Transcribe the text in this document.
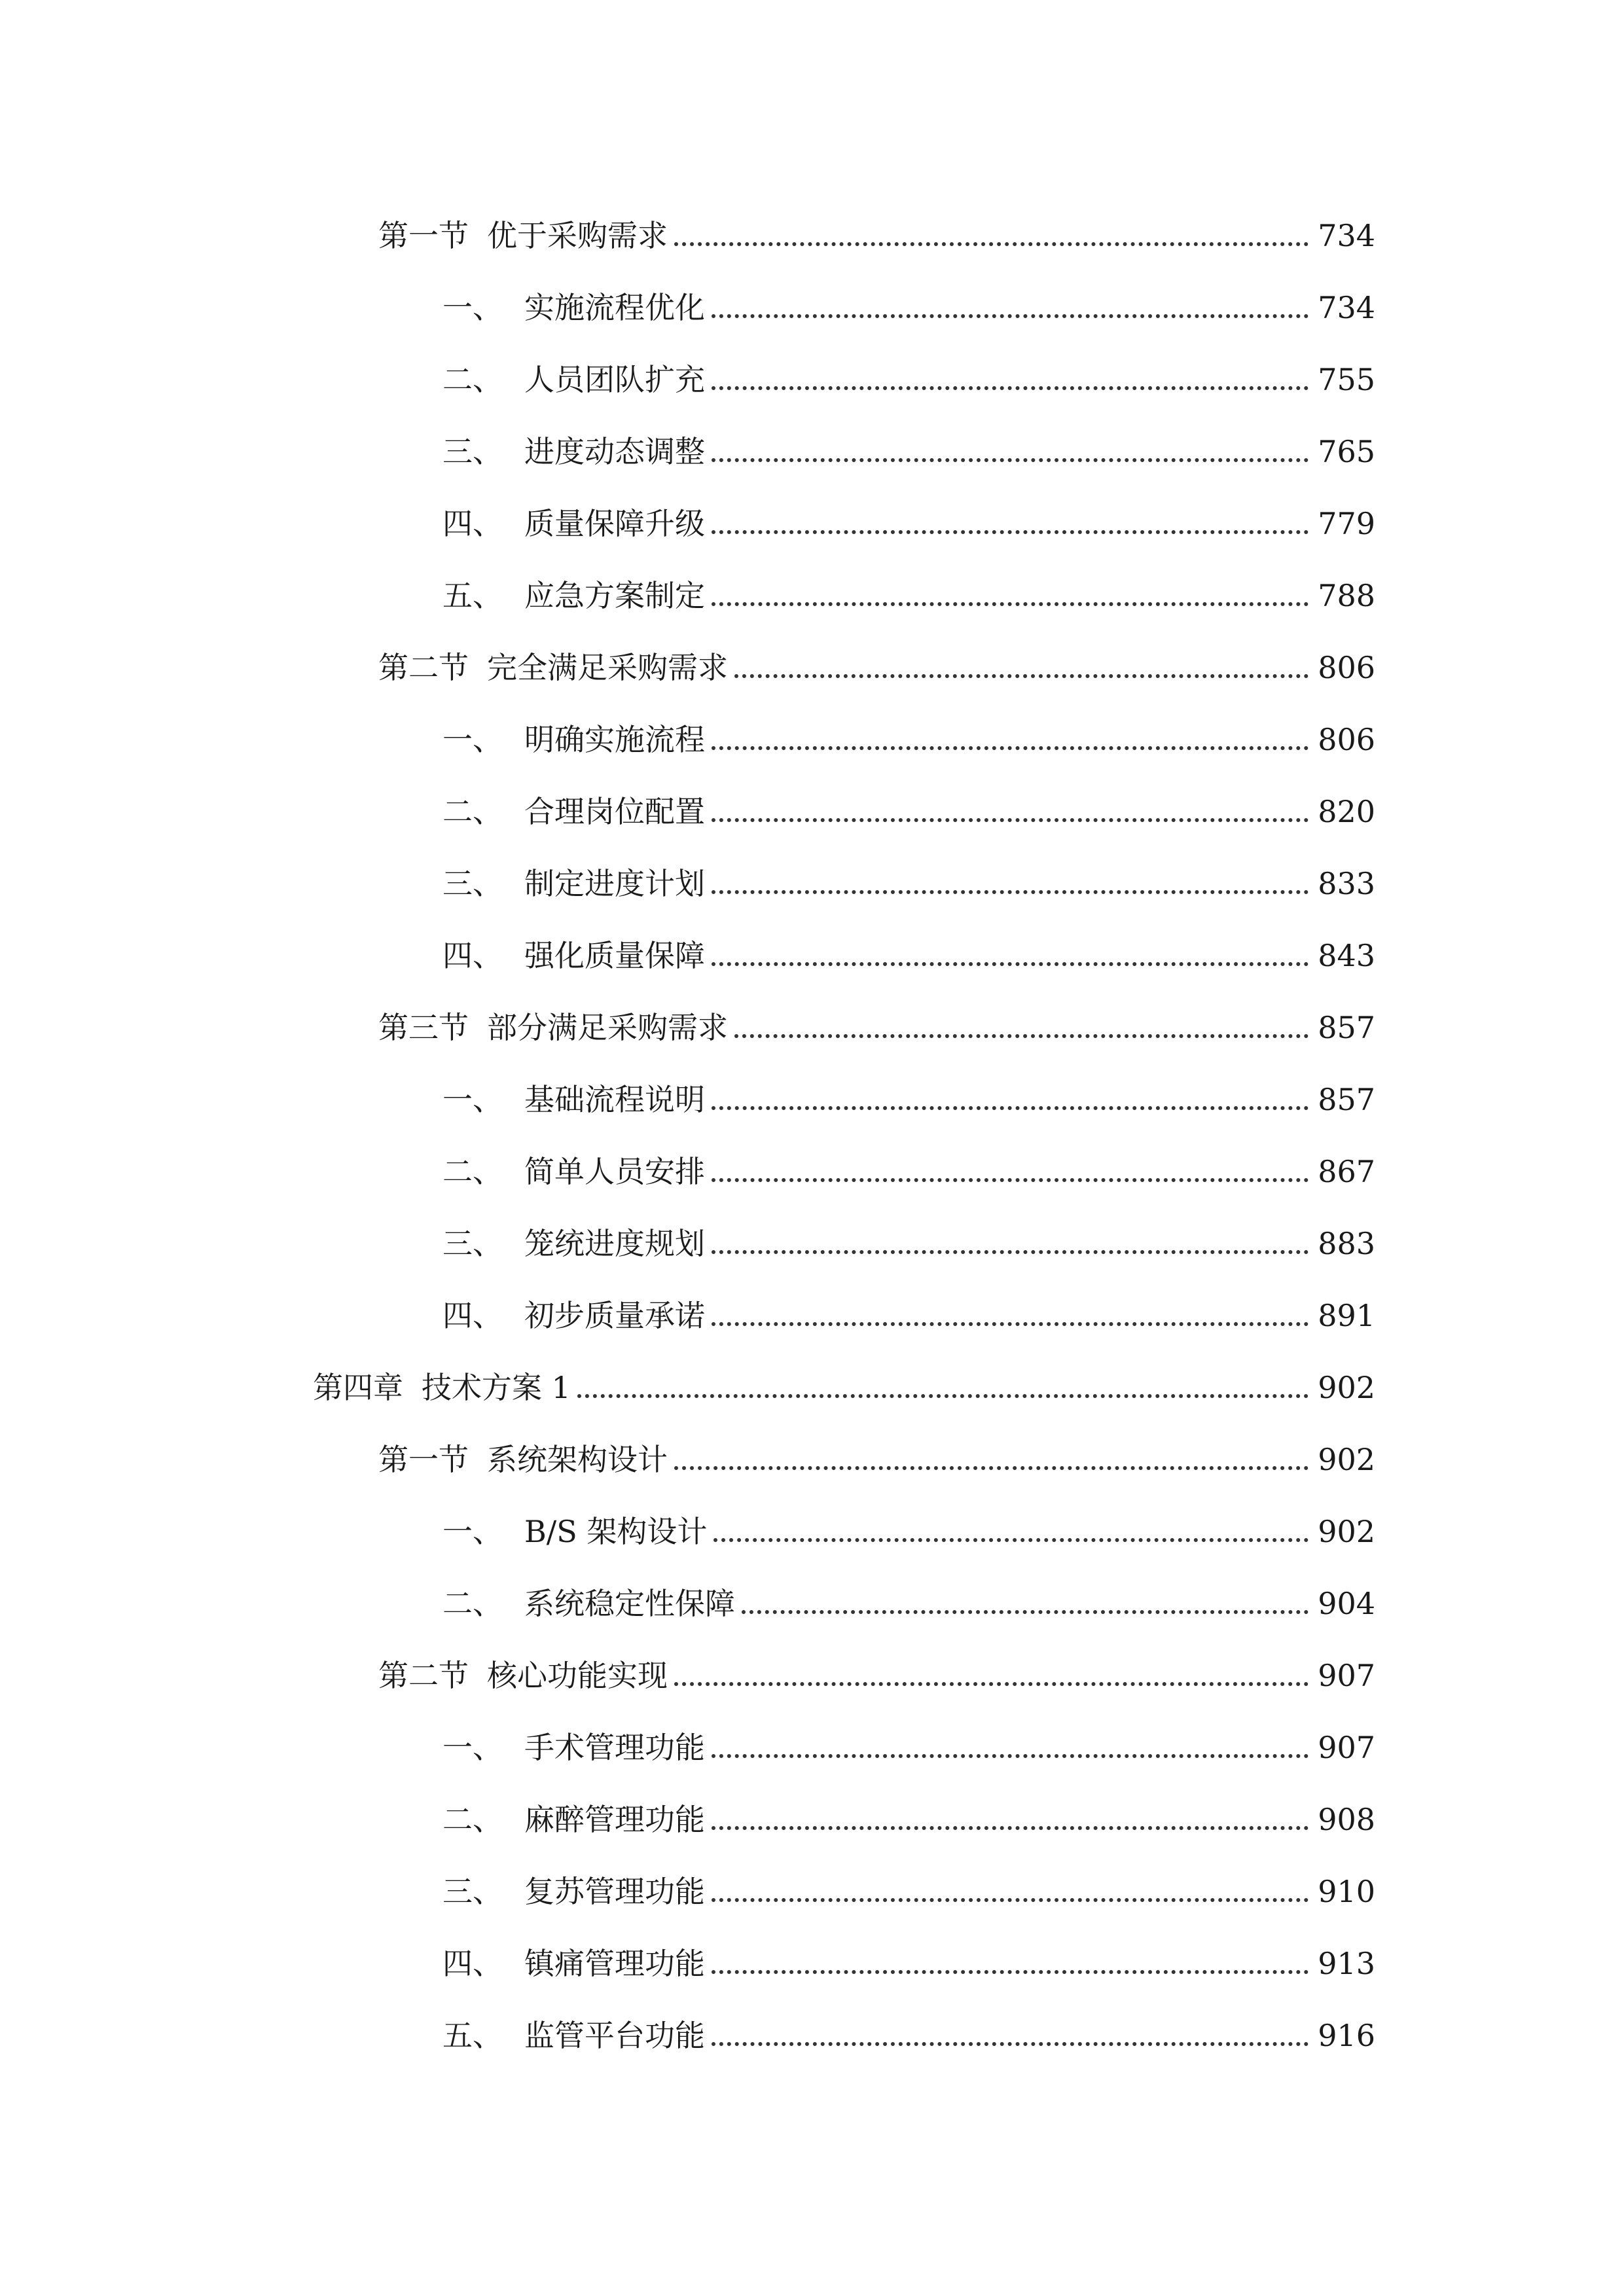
第一节 优于采购需求	734
一、 实施流程优化	734
二、 人员团队扩充	755
三、 进度动态调整	765
四、 质量保障升级	779
五、 应急方案制定	788
第二节 完全满足采购需求	806
一、 明确实施流程	806
二、 合理岗位配置	820
三、 制定进度计划	833
四、 强化质量保障	843
第三节 部分满足采购需求	857
一、 基础流程说明	857
二、 简单人员安排	867
三、 笼统进度规划	883
四、 初步质量承诺	891
第四章 技术方案 1	902
第一节 系统架构设计	902
一、 B/S 架构设计	902
二、 系统稳定性保障	904
第二节 核心功能实现	907
一、 手术管理功能	907
二、 麻醉管理功能	908
三、 复苏管理功能	910
四、 镇痛管理功能	913
五、 监管平台功能	916
